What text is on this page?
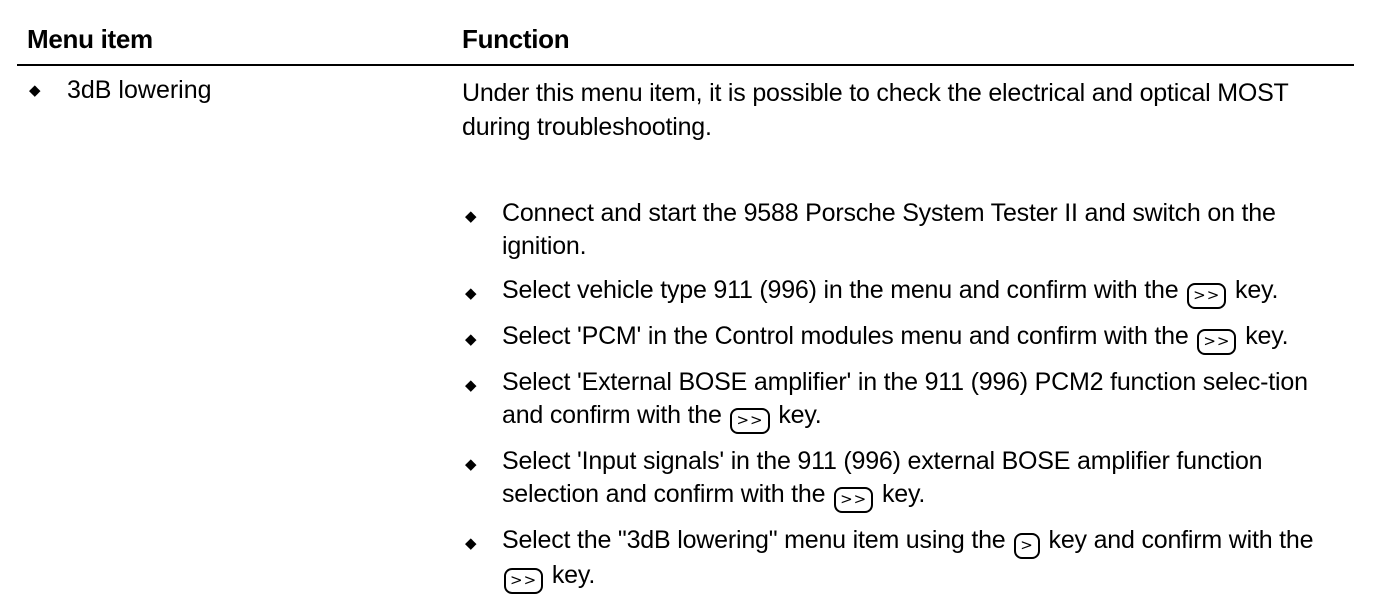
Menu item	Function
◆ 3dB lowering	Under this menu item, it is possible to check the electrical and optical MOST during troubleshooting.
◆ Connect and start the 9588 Porsche System Tester II and switch on the ignition.
◆ Select vehicle type 911 (996) in the menu and confirm with the >> key.
◆ Select 'PCM' in the Control modules menu and confirm with the >> key.
◆ Select 'External BOSE amplifier' in the 911 (996) PCM2 function selec-tion and confirm with the >> key.
◆ Select 'Input signals' in the 911 (996) external BOSE amplifier function selection and confirm with the >> key.
◆ Select the "3dB lowering" menu item using the > key and confirm with the >> key.
